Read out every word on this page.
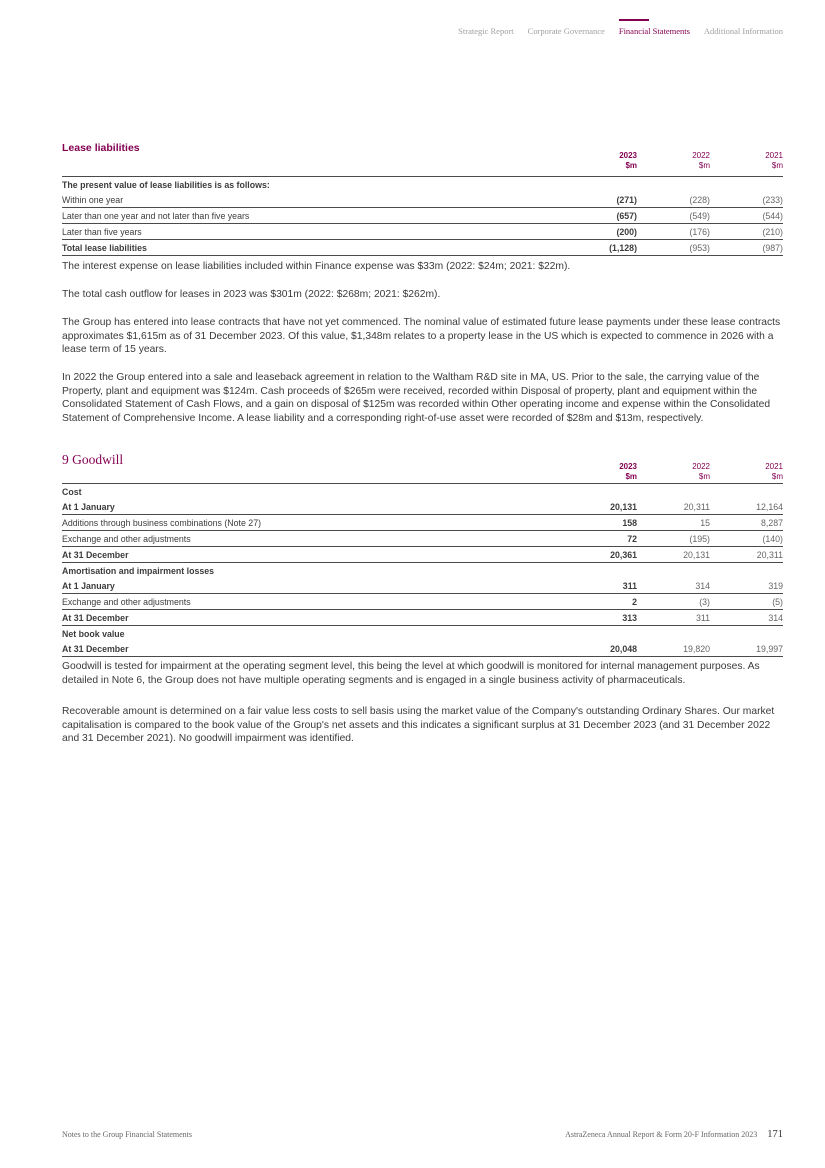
Strategic Report Corporate Governance Financial Statements Additional Information
Lease liabilities
2023
$m
2022
$m
2021
$m
The present value of lease liabilities is as follows:
Within one year	(271)	(228)	(233)
Later than one year and not later than five years	(657)	(549)	(544)
Later than five years	(200)	(176)	(210)
Total lease liabilities	(1,128)	(953)	(987)

The interest expense on lease liabilities included within Finance expense was $33m (2022: $24m; 2021: $22m).

The total cash outflow for leases in 2023 was $301m (2022: $268m; 2021: $262m).

The Group has entered into lease contracts that have not yet commenced. The nominal value of estimated future lease payments under these lease contracts approximates $1,615m as of 31 December 2023. Of this value, $1,348m relates to a property lease in the US which is expected to commence in 2026 with a lease term of 15 years.

In 2022 the Group entered into a sale and leaseback agreement in relation to the Waltham R&D site in MA, US. Prior to the sale, the carrying value of the Property, plant and equipment was $124m. Cash proceeds of $265m were received, recorded within Disposal of property, plant and equipment within the Consolidated Statement of Cash Flows, and a gain on disposal of $125m was recorded within Other operating income and expense within the Consolidated Statement of Comprehensive Income. A lease liability and a corresponding right-of-use asset were recorded of $28m and $13m, respectively.

9 Goodwill	2023
$m
2022
$m
2021
$m
Cost
At 1 January	20,131	20,311	12,164
Additions through business combinations (Note 27)	158	15	8,287
Exchange and other adjustments	72	(195)	(140)
At 31 December	20,361	20,131	20,311
Amortisation and impairment losses
At 1 January	311	314	319
Exchange and other adjustments	2	(3)	(5)
At 31 December	313	311	314
Net book value
At 31 December	20,048	19,820	19,997

Goodwill is tested for impairment at the operating segment level, this being the level at which goodwill is monitored for internal management purposes. As detailed in Note 6, the Group does not have multiple operating segments and is engaged in a single business activity of pharmaceuticals.

Recoverable amount is determined on a fair value less costs to sell basis using the market value of the Company's outstanding Ordinary Shares. Our market capitalisation is compared to the book value of the Group's net assets and this indicates a significant surplus at 31 December 2023 (and 31 December 2022 and 31 December 2021). No goodwill impairment was identified.

Notes to the Group Financial Statements	AstraZeneca Annual Report & Form 20-F Information 2023 171
